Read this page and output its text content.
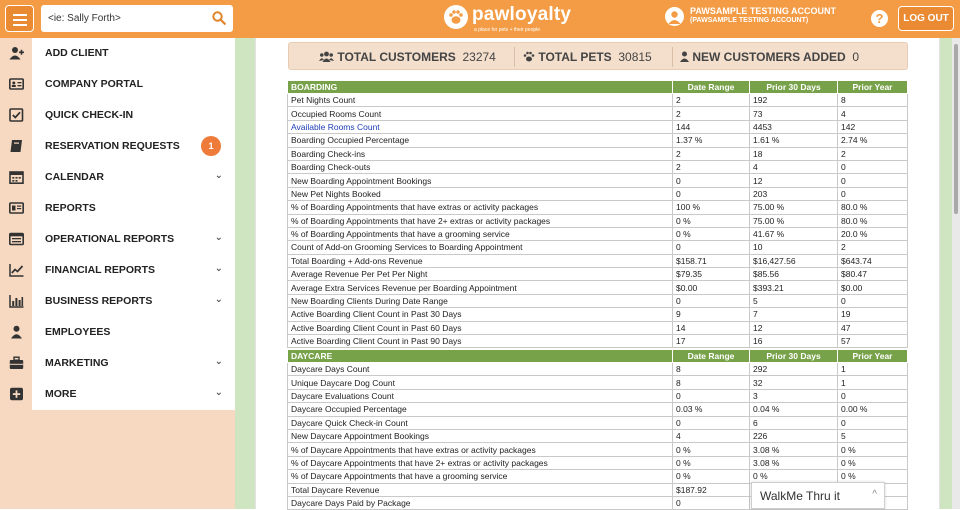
<ie: Sally Forth>
pawloyalty
a place for pets + their people
PAWSAMPLE TESTING ACCOUNT
(PAWSAMPLE TESTING ACCOUNT)	?	LOG OUT
ADD CLIENT
COMPANY PORTAL
QUICK CHECK-IN
RESERVATION REQUESTS	1
CALENDAR	⌄
REPORTS
OPERATIONAL REPORTS	⌄
FINANCIAL REPORTS	⌄
BUSINESS REPORTS	⌄
EMPLOYEES
MARKETING	⌄
MORE	⌄
TOTAL CUSTOMERS 23274	TOTAL PETS 30815	NEW CUSTOMERS ADDED 0
BOARDING	Date Range	Prior 30 Days	Prior Year
Pet Nights Count	2	192	8
Occupied Rooms Count	2	73	4
Available Rooms Count	144	4453	142
Boarding Occupied Percentage	1.37 %	1.61 %	2.74 %
Boarding Check-ins	2	18	2
Boarding Check-outs	2	4	0
New Boarding Appointment Bookings	0	12	0
New Pet Nights Booked	0	203	0
% of Boarding Appointments that have extras or activity packages	100 %	75.00 %	80.0 %
% of Boarding Appointments that have 2+ extras or activity packages	0 %	75.00 %	80.0 %
% of Boarding Appointments that have a grooming service	0 %	41.67 %	20.0 %
Count of Add-on Grooming Services to Boarding Appointment	0	10	2
Total Boarding + Add-ons Revenue	$158.71	$16,427.56	$643.74
Average Revenue Per Pet Per Night	$79.35	$85.56	$80.47
Average Extra Services Revenue per Boarding Appointment	$0.00	$393.21	$0.00
New Boarding Clients During Date Range	0	5	0
Active Boarding Client Count in Past 30 Days	9	7	19
Active Boarding Client Count in Past 60 Days	14	12	47
Active Boarding Client Count in Past 90 Days	17	16	57
DAYCARE	Date Range	Prior 30 Days	Prior Year
Daycare Days Count	8	292	1
Unique Daycare Dog Count	8	32	1
Daycare Evaluations Count	0	3	0
Daycare Occupied Percentage	0.03 %	0.04 %	0.00 %
Daycare Quick Check-in Count	0	6	0
New Daycare Appointment Bookings	4	226	5
% of Daycare Appointments that have extras or activity packages	0 %	3.08 %	0 %
% of Daycare Appointments that have 2+ extras or activity packages	0 %	3.08 %	0 %
% of Daycare Appointments that have a grooming service	0 %	0 %	0 %
Total Daycare Revenue	$187.92		
Daycare Days Paid by Package	0		
WalkMe Thru it	^
